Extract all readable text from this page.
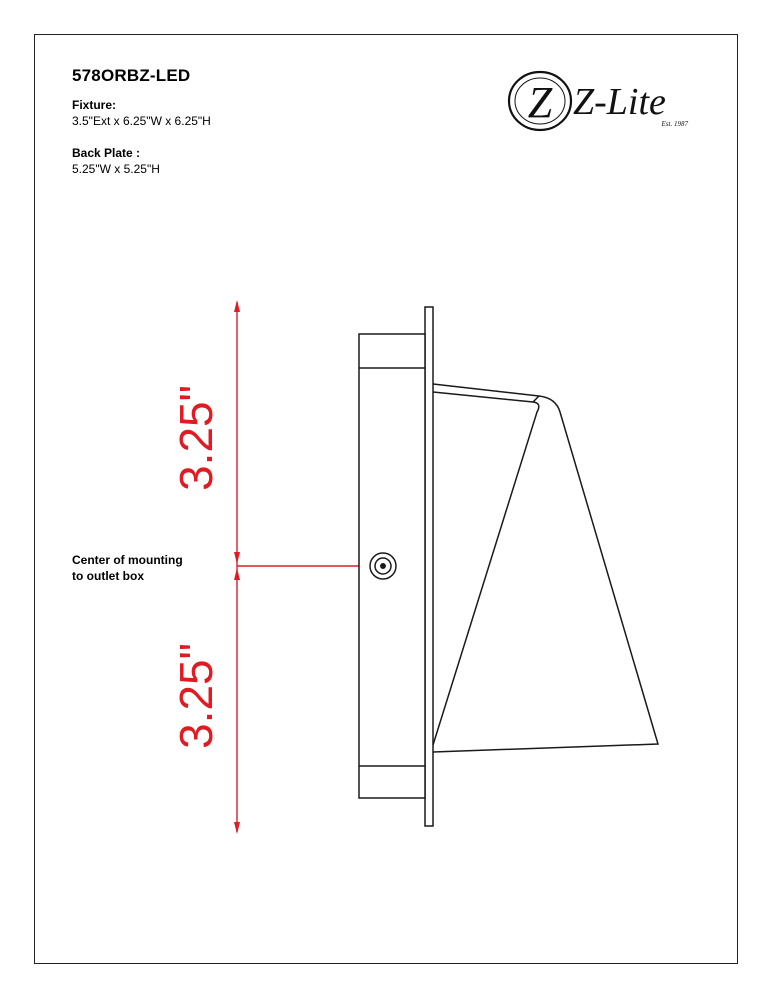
578ORBZ-LED
Fixture:
3.5"Ext x 6.25"W x 6.25"H
Back Plate :
5.25"W x 5.25"H
Center of mounting
to outlet box
Z Z-Lite
Est. 1987
3.25"
3.25"
